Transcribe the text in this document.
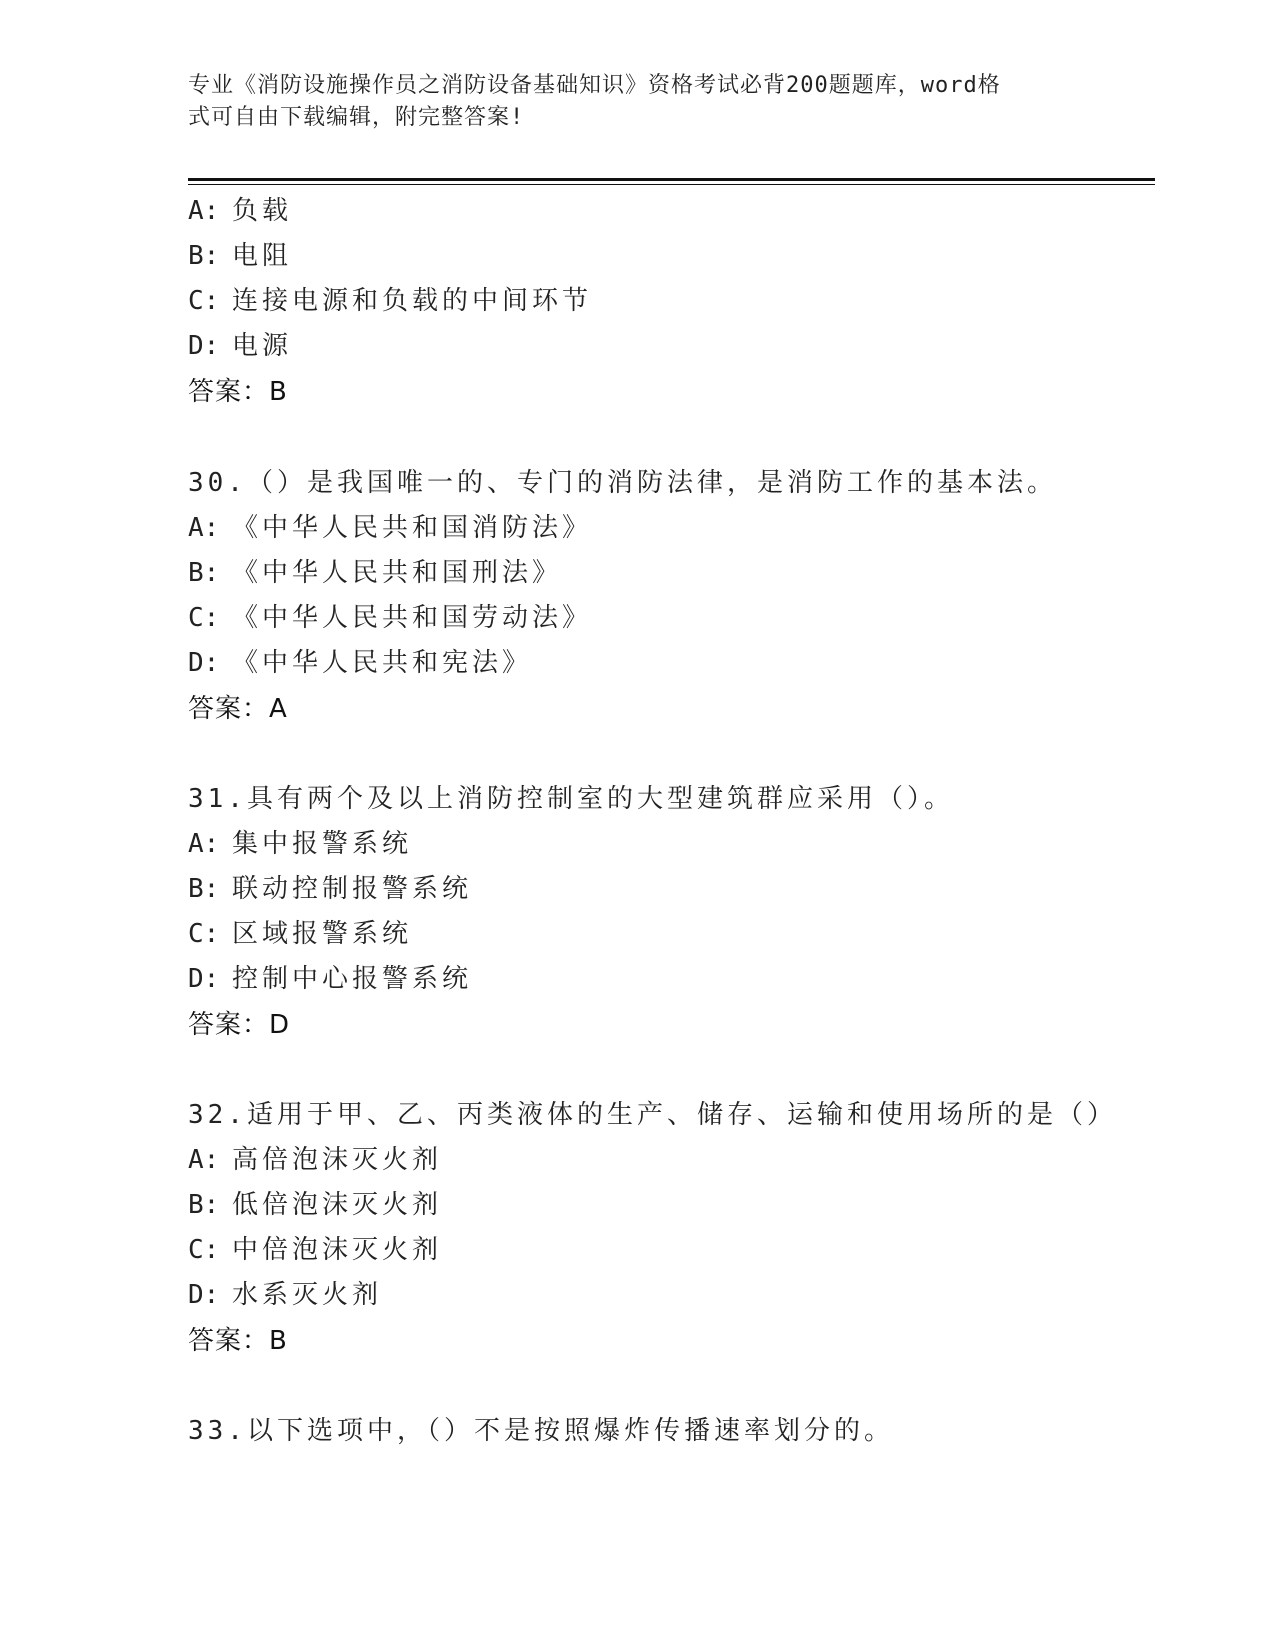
专业《消防设施操作员之消防设备基础知识》资格考试必背200题题库，word格
式可自由下载编辑，附完整答案!
A: 负载
B: 电阻
C: 连接电源和负载的中间环节
D: 电源
答案：B
30.（）是我国唯一的、专门的消防法律，是消防工作的基本法。
A: 《中华人民共和国消防法》
B: 《中华人民共和国刑法》
C: 《中华人民共和国劳动法》
D: 《中华人民共和宪法》
答案：A
31.具有两个及以上消防控制室的大型建筑群应采用（）。
A: 集中报警系统
B: 联动控制报警系统
C: 区域报警系统
D: 控制中心报警系统
答案：D
32.适用于甲、乙、丙类液体的生产、储存、运输和使用场所的是（）
A: 高倍泡沫灭火剂
B: 低倍泡沫灭火剂
C: 中倍泡沫灭火剂
D: 水系灭火剂
答案：B
33.以下选项中，（）不是按照爆炸传播速率划分的。
